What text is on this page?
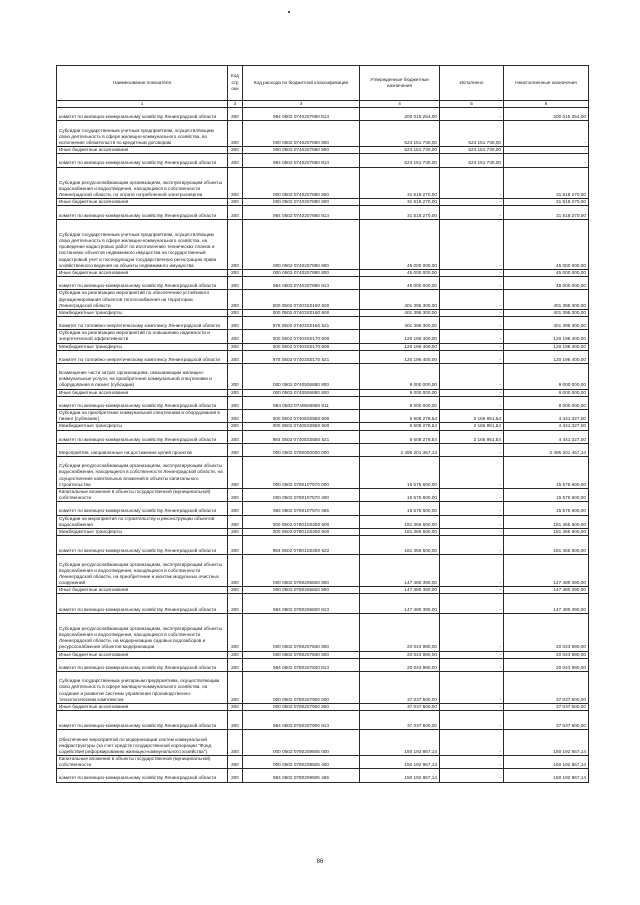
Наименование показателя	Код строки	Код расхода по бюджетной классификации	Утвержденные бюджетные назначения	Исполнено	Неисполненные назначения
1	2	3	4	5	6
комитет по жилищно-коммунальному хозяйству Ленинградской области	200	984 0502 0740207590 813	200 015 254,00	-	200 015 254,00
Субсидии государственным учетным предприятиям, осуществляющим свою деятельность в сфере жилищно-коммунального хозяйства, во исполнение обязательств по кредитным договорам	200	000 0502 0740207590 800	523 151 730,00	523 151 730,00	-
Иные бюджетные ассигнования	200	000 0502 0740207590 800	523 151 730,00	523 151 730,00	-
комитет по жилищно-коммунальному хозяйству Ленинградской области	200	984 0502 0740207590 813	523 151 730,00	523 151 730,00	-
Субсидии ресурсоснабжающим организациям, эксплуатирующим объекты водоснабжения и водоотведения, находящиеся в собственности Ленинградской области, по оплате потребленной электроэнергии	200	000 0502 0740207880 800	31 518 270,00	-	31 518 270,00
Иные бюджетные ассигнования	200	000 0502 0740207880 800	31 518 270,00	-	31 518 270,00
комитет по жилищно-коммунальному хозяйству Ленинградской области	200	984 0502 0740207880 813	31 518 270,00	-	31 518 270,00
Субсидии государственным учетным предприятиям, осуществляющим свою деятельность в сфере жилищно-коммунального хозяйства, на проведение кадастровых работ по изготовлению технических планов и постановке объектов недвижимого имущества на государственный кадастровый учет и последующую государственную регистрацию права хозяйственного ведения на объекты недвижимого имущества	200	000 0502 0740207890 800	45 000 000,00	-	45 000 000,00
Иные бюджетные ассигнования	200	000 0502 0740207890 800	45 000 000,00	-	45 000 000,00
комитет по жилищно-коммунальному хозяйству Ленинградской области	200	984 0502 0740207890 813	45 000 000,00	-	45 000 000,00
Субсидии на реализацию мероприятий по обеспечению устойчивого функционирования объектов теплоснабжения на территории Ленинградской области	200	000 0502 07403S0160 500	401 395 300,00	-	401 395 300,00
Межбюджетные трансферты	200	000 0502 07403S0160 500	401 395 300,00	-	401 395 300,00
Комитет по топливно-энергетическому комплексу Ленинградской области	200	978 0502 07403S0160 521	401 395 300,00	-	401 395 300,00
Субсидии на реализацию мероприятий по повышению надежности и энергетической эффективности	200	000 0502 07403S0170 500	120 196 400,00	-	120 196 400,00
Межбюджетные трансферты	200	000 0502 07403S0170 500	120 196 400,00	-	120 196 400,00
Комитет по топливно-энергетическому комплексу Ленинградской области	200	978 0502 07403S0170 521	120 196 400,00	-	120 196 400,00
Возмещение части затрат организациям, оказывающим жилищно-коммунальные услуги, на приобретение коммунальной спецтехники и оборудования в лизинг (субсидии)	200	000 0502 0740506880 800	9 000 000,00	-	9 000 000,00
Иные бюджетные ассигнования	200	000 0502 0740506880 800	9 000 000,00	-	9 000 000,00
комитет по жилищно-коммунальному хозяйству Ленинградской области	200	984 0502 0740506880 811	9 000 000,00	-	9 000 000,00
Субсидии на приобретение коммунальной спецтехники и оборудования в лизинг (сублизинг)	200	000 0502 07405S0550 500	6 608 278,54	2 166 951,54	4 441 327,00
Межбюджетные трансферты	200	000 0502 07405S0550 500	6 608 278,54	2 166 951,54	4 441 327,00
комитет по жилищно-коммунальному хозяйству Ленинградской области	200	984 0502 07405S0550 521	6 608 278,54	2 166 951,54	4 441 327,00
Мероприятия, направленные на достижение целей проектов	200	000 0502 0780000000 000	2 495 201 467,14	-	2 495 201 467,14
Субсидии ресурсоснабжающим организациям, эксплуатирующим объекты водоснабжения, находящиеся в собственности Ленинградской области, на осуществление капитальных вложений в объекты капитального строительства	200	000 0502 0780107570 000	15 575 600,00	-	15 575 600,00
Капитальные вложения в объекты государственной (муниципальной) собственности	200	000 0502 0780107570 400	15 575 600,00	-	15 575 600,00
комитет по жилищно-коммунальному хозяйству Ленинградской области	200	984 0502 0780107570 466	15 575 600,00	-	15 575 600,00
Субсидии на мероприятия по строительству и реконструкции объектов водоснабжения	200	000 0502 07801S0250 500	181 365 500,00	-	181 365 500,00
Межбюджетные трансферты	200	000 0502 07801S0250 500	181 365 500,00	-	181 365 500,00
комитет по жилищно-коммунальному хозяйству Ленинградской области	200	984 0502 07801S0250 522	181 365 500,00	-	181 365 500,00
Субсидии ресурсоснабжающим организациям, эксплуатирующим объекты водоснабжения и водоотведения, находящиеся в собственности Ленинградской области, на приобретение и монтаж модульных очистных сооружений	200	000 0502 0780206820 800	147 480 390,00	-	147 480 390,00
Иные бюджетные ассигнования	200	000 0502 0780206820 800	147 480 390,00	-	147 480 390,00
комитет по жилищно-коммунальному хозяйству Ленинградской области	200	984 0502 0780206820 813	147 480 390,00	-	147 480 390,00
Субсидии ресурсоснабжающим организациям, эксплуатирующим объекты водоснабжения и водоотведения, находящиеся в собственности Ленинградской области, на модернизацию садовых водозаборов и ресурсоснабжение объектов модернизации	200	000 0502 0780207840 800	20 043 980,00	-	20 043 980,00
Иные бюджетные ассигнования	200	000 0502 0780207840 800	20 043 980,00	-	20 043 980,00
комитет по жилищно-коммунальному хозяйству Ленинградской области	200	984 0502 0780207840 813	20 043 980,00	-	20 043 980,00
Субсидии государственным унитарным предприятиям, осуществляющим свою деятельность в сфере жилищно-коммунального хозяйства, на создание и развитие системы управления производственно-технологическим комплексом	200	000 0502 0780207900 000	37 037 500,00	-	37 037 500,00
Иные бюджетные ассигнования	200	000 0502 0780207900 800	37 037 500,00	-	37 037 500,00
комитет по жилищно-коммунальному хозяйству Ленинградской области	200	984 0502 0780207900 813	37 037 500,00	-	37 037 500,00
Обеспечение мероприятий по модернизации систем коммунальной инфраструктуры (за счет средств государственной корпорации "Фонд содействия реформированию жилищно-коммунального хозяйства")	200	000 0502 0780209505 000	150 192 867,14	-	150 192 867,14
Капитальные вложения в объекты государственной (муниципальной) собственности	200	000 0502 0780209505 400	150 192 867,14	-	150 192 867,14
комитет по жилищно-коммунальному хозяйству Ленинградской области	200	984 0502 0780209505 466	150 192 867,14	-	150 192 867,14
86
